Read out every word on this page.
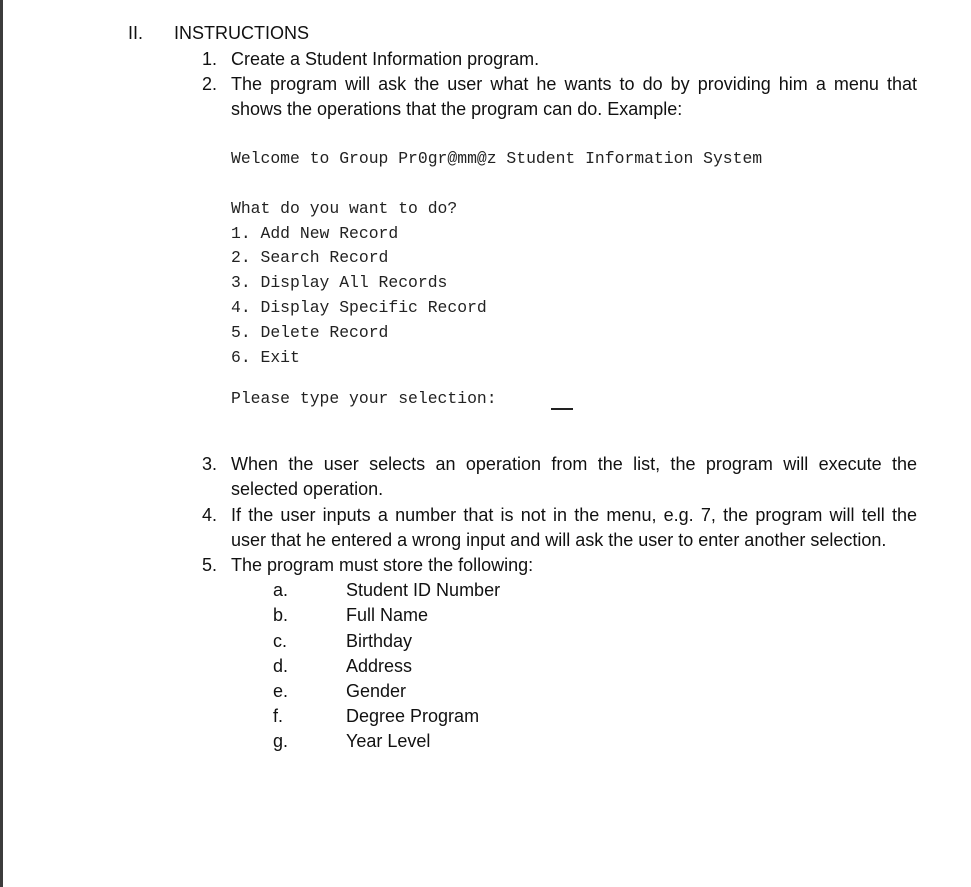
II. INSTRUCTIONS
1. Create a Student Information program.
2. The program will ask the user what he wants to do by providing him a menu that shows the operations that the program can do. Example:
Welcome to Group Pr0gr@mm@z Student Information System
What do you want to do?
1. Add New Record
2. Search Record
3. Display All Records
4. Display Specific Record
5. Delete Record
6. Exit
Please type your selection:
3. When the user selects an operation from the list, the program will execute the selected operation.
4. If the user inputs a number that is not in the menu, e.g. 7, the program will tell the user that he entered a wrong input and will ask the user to enter another selection.
5. The program must store the following:
a.	Student ID Number
b.	Full Name
c.	Birthday
d.	Address
e.	Gender
f.	Degree Program
g.	Year Level
